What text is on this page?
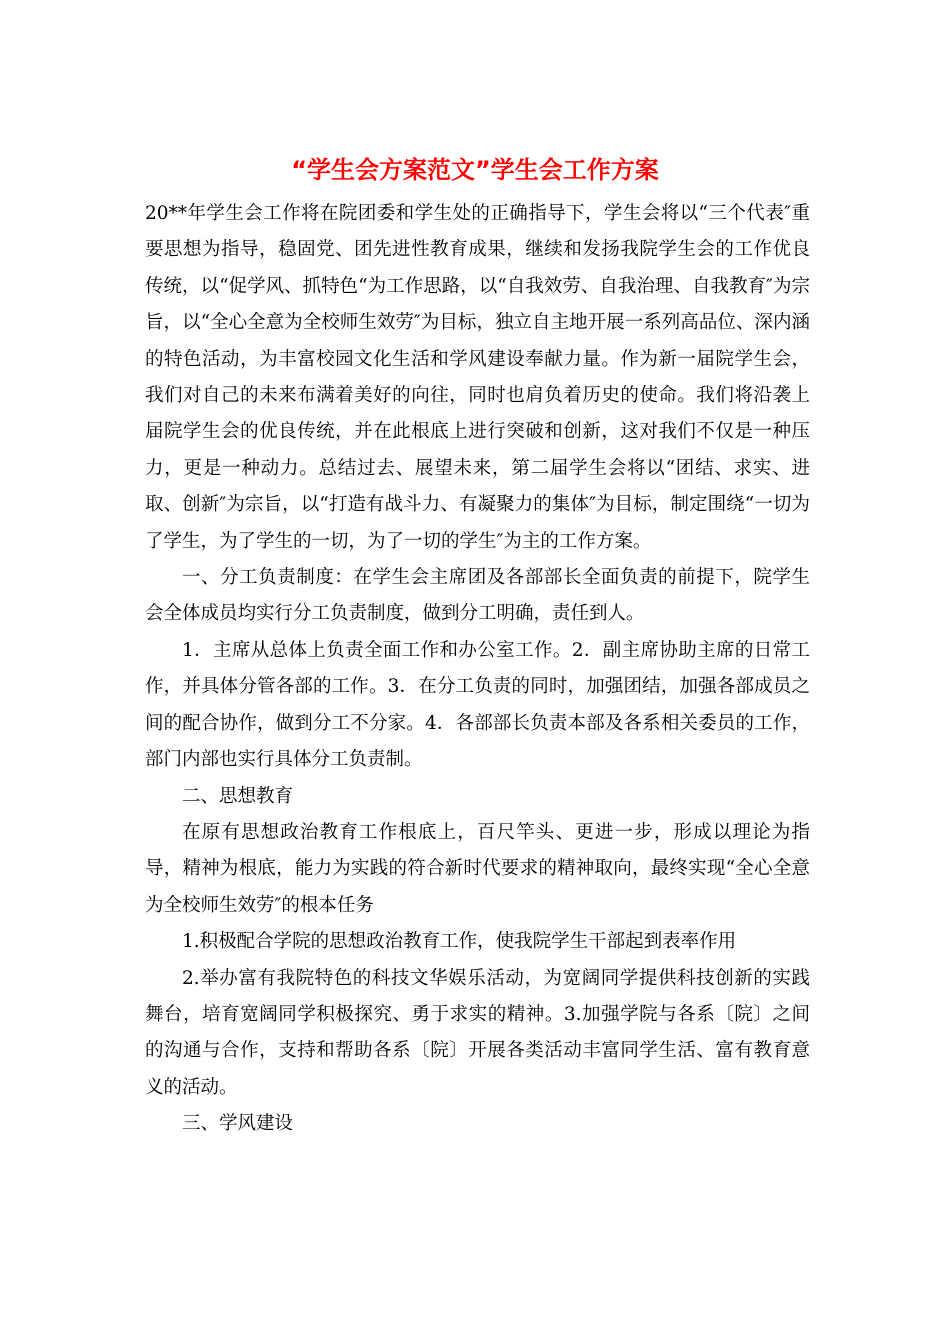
“学生会方案范文”学生会工作方案

20**年学生会工作将在院团委和学生处的正确指导下，学生会将以“三个代表″重要思想为指导，稳固党、团先进性教育成果，继续和发扬我院学生会的工作优良传统，以“促学风、抓特色“为工作思路，以“自我效劳、自我治理、自我教育″为宗旨，以“全心全意为全校师生效劳″为目标，独立自主地开展一系列高品位、深内涵的特色活动，为丰富校园文化生活和学风建设奉献力量。作为新一届院学生会，我们对自己的未来布满着美好的向往，同时也肩负着历史的使命。我们将沿袭上届院学生会的优良传统，并在此根底上进行突破和创新，这对我们不仅是一种压力，更是一种动力。总结过去、展望未来，第二届学生会将以“团结、求实、进取、创新″为宗旨，以“打造有战斗力、有凝聚力的集体″为目标，制定围绕“一切为了学生，为了学生的一切，为了一切的学生″为主的工作方案。

一、分工负责制度：在学生会主席团及各部部长全面负责的前提下，院学生会全体成员均实行分工负责制度，做到分工明确，责任到人。

1．主席从总体上负责全面工作和办公室工作。2．副主席协助主席的日常工作，并具体分管各部的工作。3．在分工负责的同时，加强团结，加强各部成员之间的配合协作，做到分工不分家。4．各部部长负责本部及各系相关委员的工作，部门内部也实行具体分工负责制。

二、思想教育

在原有思想政治教育工作根底上，百尺竿头、更进一步，形成以理论为指导，精神为根底，能力为实践的符合新时代要求的精神取向，最终实现“全心全意为全校师生效劳″的根本任务

1.积极配合学院的思想政治教育工作，使我院学生干部起到表率作用

2.举办富有我院特色的科技文华娱乐活动，为宽阔同学提供科技创新的实践舞台，培育宽阔同学积极探究、勇于求实的精神。3.加强学院与各系〔院〕之间的沟通与合作，支持和帮助各系〔院〕开展各类活动丰富同学生活、富有教育意义的活动。

三、学风建设
